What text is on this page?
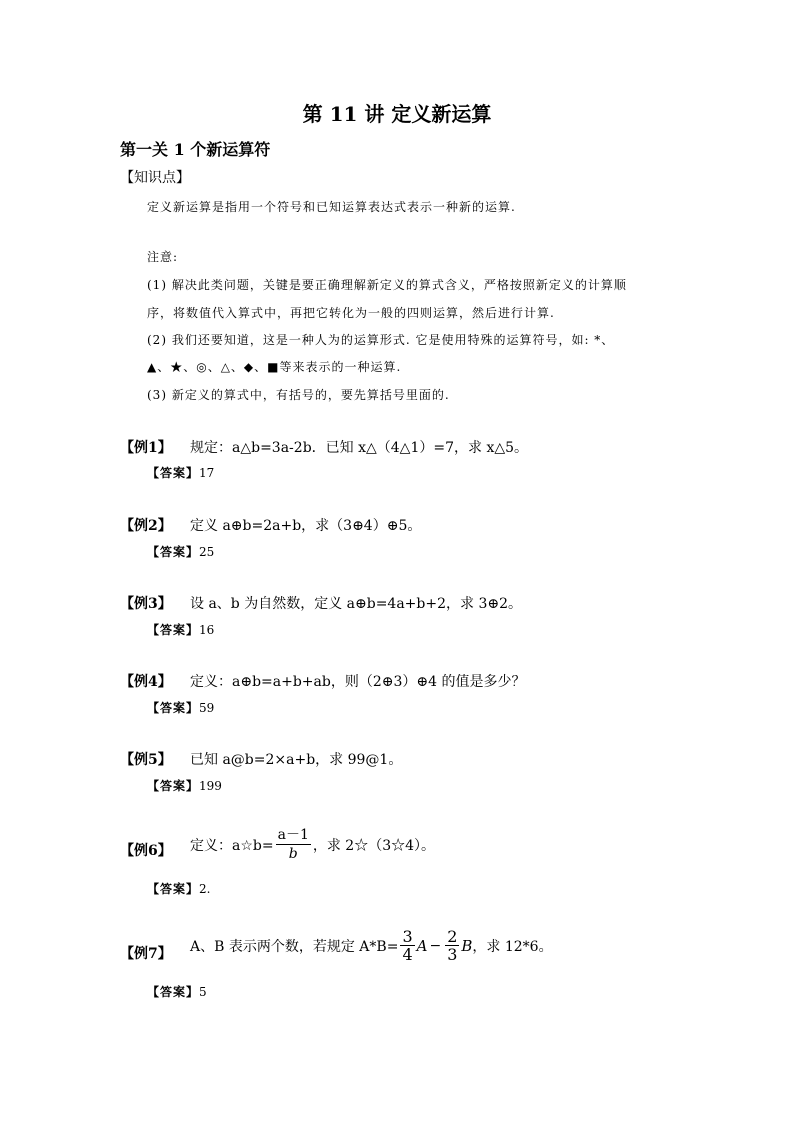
第 11 讲 定义新运算
第一关 1 个新运算符
【知识点】
定义新运算是指用一个符号和已知运算表达式表示一种新的运算.
注意:
(1) 解决此类问题，关键是要正确理解新定义的算式含义，严格按照新定义的计算顺
序，将数值代入算式中，再把它转化为一般的四则运算，然后进行计算.
(2) 我们还要知道，这是一种人为的运算形式. 它是使用特殊的运算符号，如: *、
▲、★、◎、△、◆、■等来表示的一种运算.
(3) 新定义的算式中，有括号的，要先算括号里面的.
【例1】 规定：a△b=3a-2b．已知 x△（4△1）=7，求 x△5。
【答案】17
【例2】 定义 a⊕b=2a+b，求（3⊕4）⊕5。
【答案】25
【例3】 设 a、b 为自然数，定义 a⊕b=4a+b+2，求 3⊕2。
【答案】16
【例4】 定义：a⊕b=a+b+ab，则（2⊕3）⊕4 的值是多少？
【答案】59
【例5】 已知 a@b=2×a+b，求 99@1。
【答案】199
【例6】 定义：a☆b= $\frac{a-1}{b}$ ，求 2☆（3☆4）。
【答案】2.
【例7】 A、B 表示两个数，若规定 $A*B= \frac{3}{4}$ $A - \frac{2}{3}$ B，求 12*6。
【答案】5
